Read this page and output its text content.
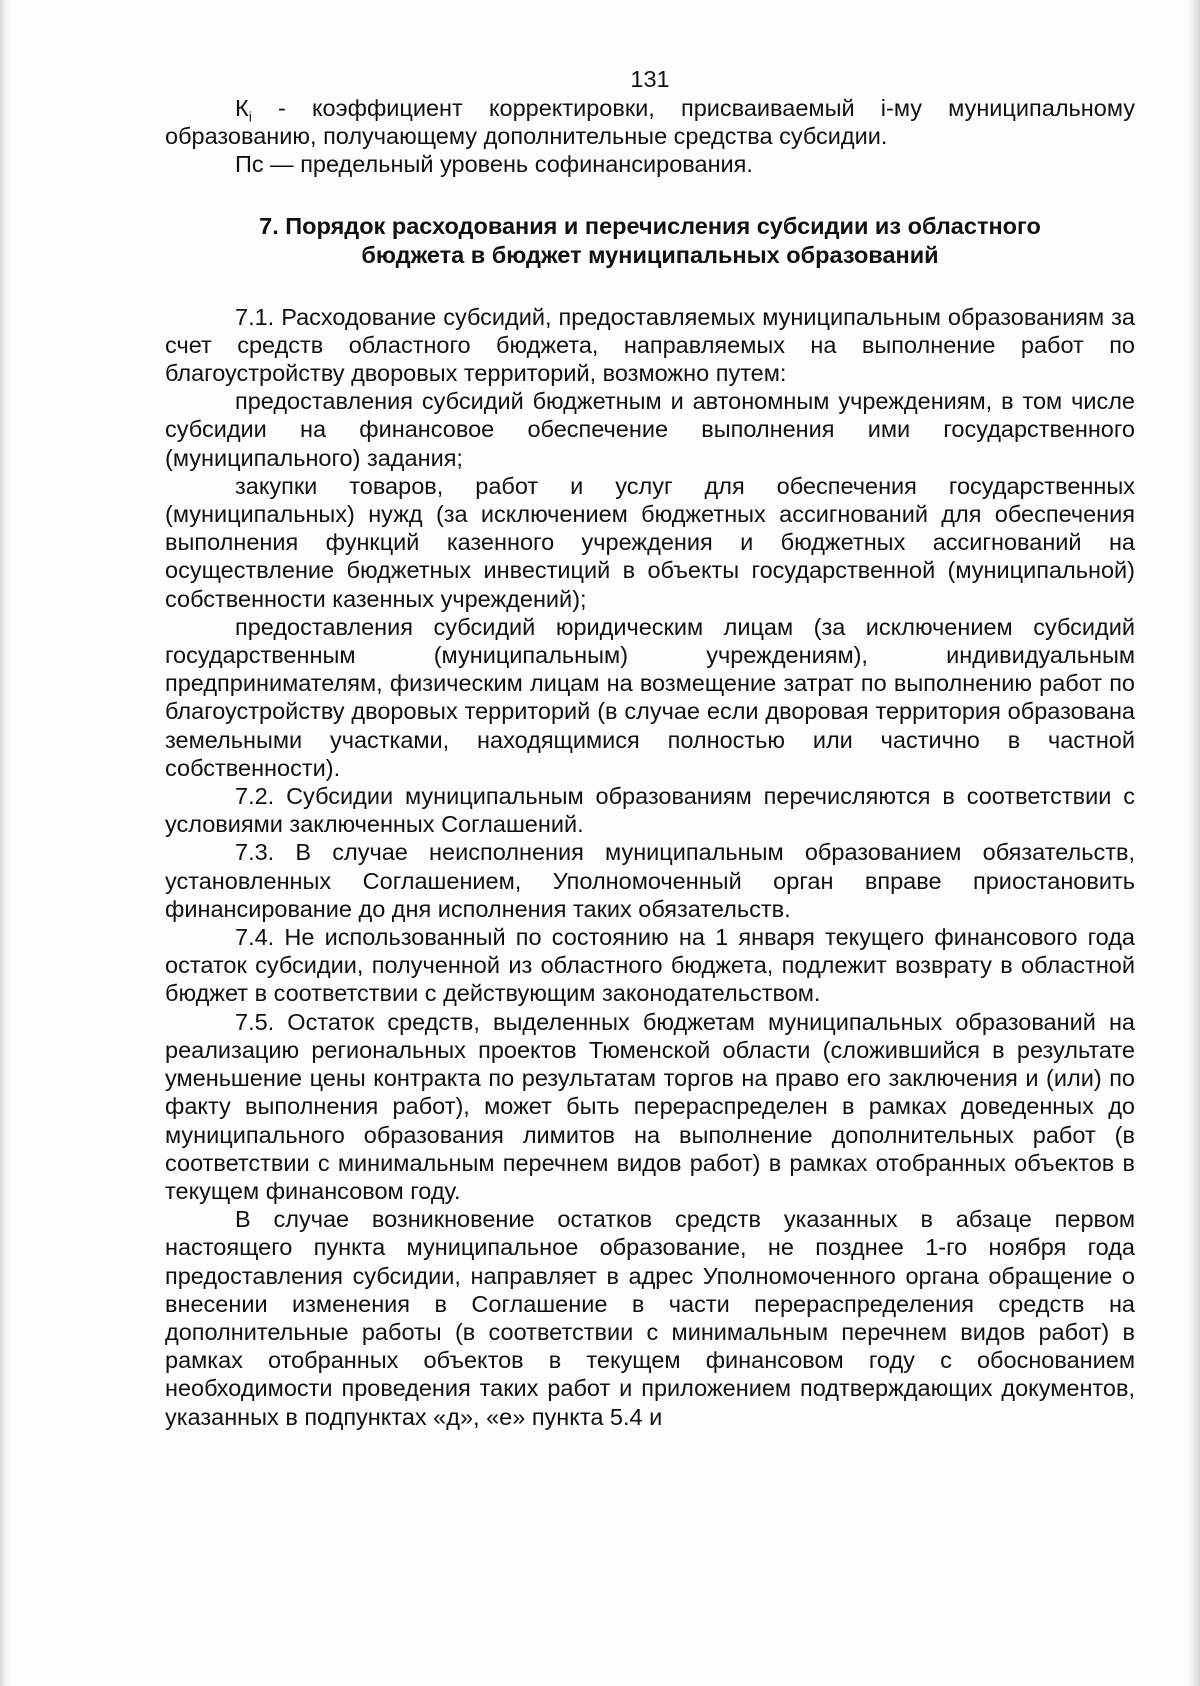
131

$К_i$ - коэффициент корректировки, присваиваемый i-му муниципальному образованию, получающему дополнительные средства субсидии.

Пс — предельный уровень софинансирования.

7. Порядок расходования и перечисления субсидии из областного
бюджета в бюджет муниципальных образований

7.1. Расходование субсидий, предоставляемых муниципальным образованиям за счет средств областного бюджета, направляемых на выполнение работ по благоустройству дворовых территорий, возможно путем:

предоставления субсидий бюджетным и автономным учреждениям, в том числе субсидии на финансовое обеспечение выполнения ими государственного (муниципального) задания;

закупки товаров, работ и услуг для обеспечения государственных (муниципальных) нужд (за исключением бюджетных ассигнований для обеспечения выполнения функций казенного учреждения и бюджетных ассигнований на осуществление бюджетных инвестиций в объекты государственной (муниципальной) собственности казенных учреждений);

предоставления субсидий юридическим лицам (за исключением субсидий государственным (муниципальным) учреждениям), индивидуальным предпринимателям, физическим лицам на возмещение затрат по выполнению работ по благоустройству дворовых территорий (в случае если дворовая территория образована земельными участками, находящимися полностью или частично в частной собственности).

7.2. Субсидии муниципальным образованиям перечисляются в соответствии с условиями заключенных Соглашений.

7.3. В случае неисполнения муниципальным образованием обязательств, установленных Соглашением, Уполномоченный орган вправе приостановить финансирование до дня исполнения таких обязательств.

7.4. Не использованный по состоянию на 1 января текущего финансового года остаток субсидии, полученной из областного бюджета, подлежит возврату в областной бюджет в соответствии с действующим законодательством.

7.5. Остаток средств, выделенных бюджетам муниципальных образований на реализацию региональных проектов Тюменской области (сложившийся в результате уменьшение цены контракта по результатам торгов на право его заключения и (или) по факту выполнения работ), может быть перераспределен в рамках доведенных до муниципального образования лимитов на выполнение дополнительных работ (в соответствии с минимальным перечнем видов работ) в рамках отобранных объектов в текущем финансовом году.

В случае возникновение остатков средств указанных в абзаце первом настоящего пункта муниципальное образование, не позднее 1-го ноября года предоставления субсидии, направляет в адрес Уполномоченного органа обращение о внесении изменения в Соглашение в части перераспределения средств на дополнительные работы (в соответствии с минимальным перечнем видов работ) в рамках отобранных объектов в текущем финансовом году с обоснованием необходимости проведения таких работ и приложением подтверждающих документов, указанных в подпунктах «д», «е» пункта 5.4 и
